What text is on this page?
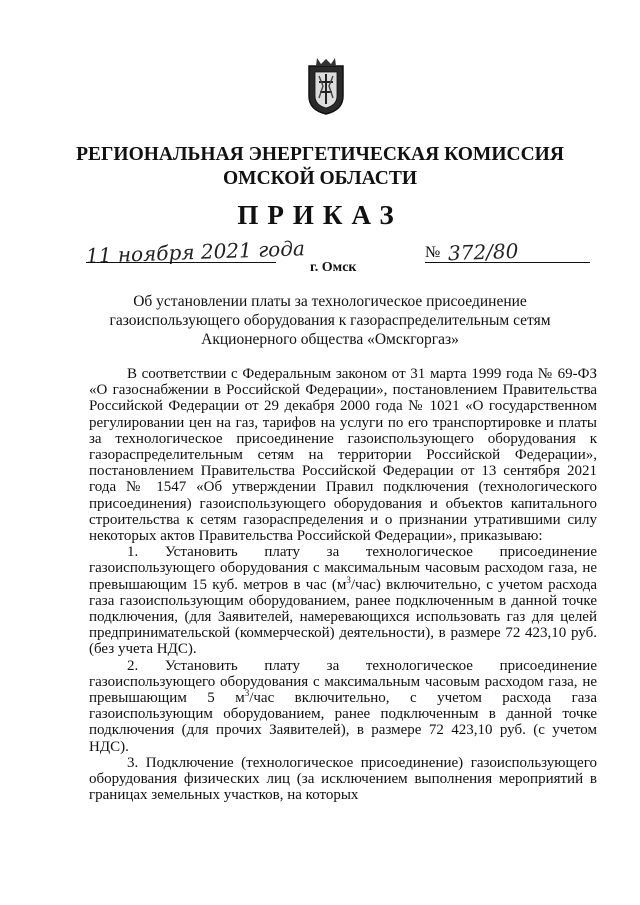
РЕГИОНАЛЬНАЯ ЭНЕРГЕТИЧЕСКАЯ КОМИССИЯ
ОМСКОЙ ОБЛАСТИ
ПРИКАЗ
11 ноября 2021 года г. Омск
№ 372/80
Об установлении платы за технологическое присоединение
газоиспользующего оборудования к газораспределительным сетям
Акционерного общества «Омскгоргаз»

В соответствии с Федеральным законом от 31 марта 1999 года № 69-ФЗ «О газоснабжении в Российской Федерации», постановлением Правительства Российской Федерации от 29 декабря 2000 года № 1021 «О государственном регулировании цен на газ, тарифов на услуги по его транспортировке и платы за технологическое присоединение газоиспользующего оборудования к газораспределительным сетям на территории Российской Федерации», постановлением Правительства Российской Федерации от 13 сентября 2021 года № 1547 «Об утверждении Правил подключения (технологического присоединения) газоиспользующего оборудования и объектов капитального строительства к сетям газораспределения и о признании утратившими силу некоторых актов Правительства Российской Федерации», приказываю:

1. Установить плату за технологическое присоединение газоиспользующего оборудования с максимальным часовым расходом газа, не превышающим 15 куб. метров в час $(м^3/час)$ включительно, с учетом расхода газа газоиспользующим оборудованием, ранее подключенным в данной точке подключения, (для Заявителей, намеревающихся использовать газ для целей предпринимательской (коммерческой) деятельности), в размере 72 423,10 руб. (без учета НДС).

2. Установить плату за технологическое присоединение газоиспользующего оборудования с максимальным часовым расходом газа, не превышающим 5 $м^3$/час включительно, с учетом расхода газа газоиспользующим оборудованием, ранее подключенным в данной точке подключения (для прочих Заявителей), в размере 72 423,10 руб. (с учетом НДС).

3. Подключение (технологическое присоединение) газоиспользующего оборудования физических лиц (за исключением выполнения мероприятий в границах земельных участков, на которых
